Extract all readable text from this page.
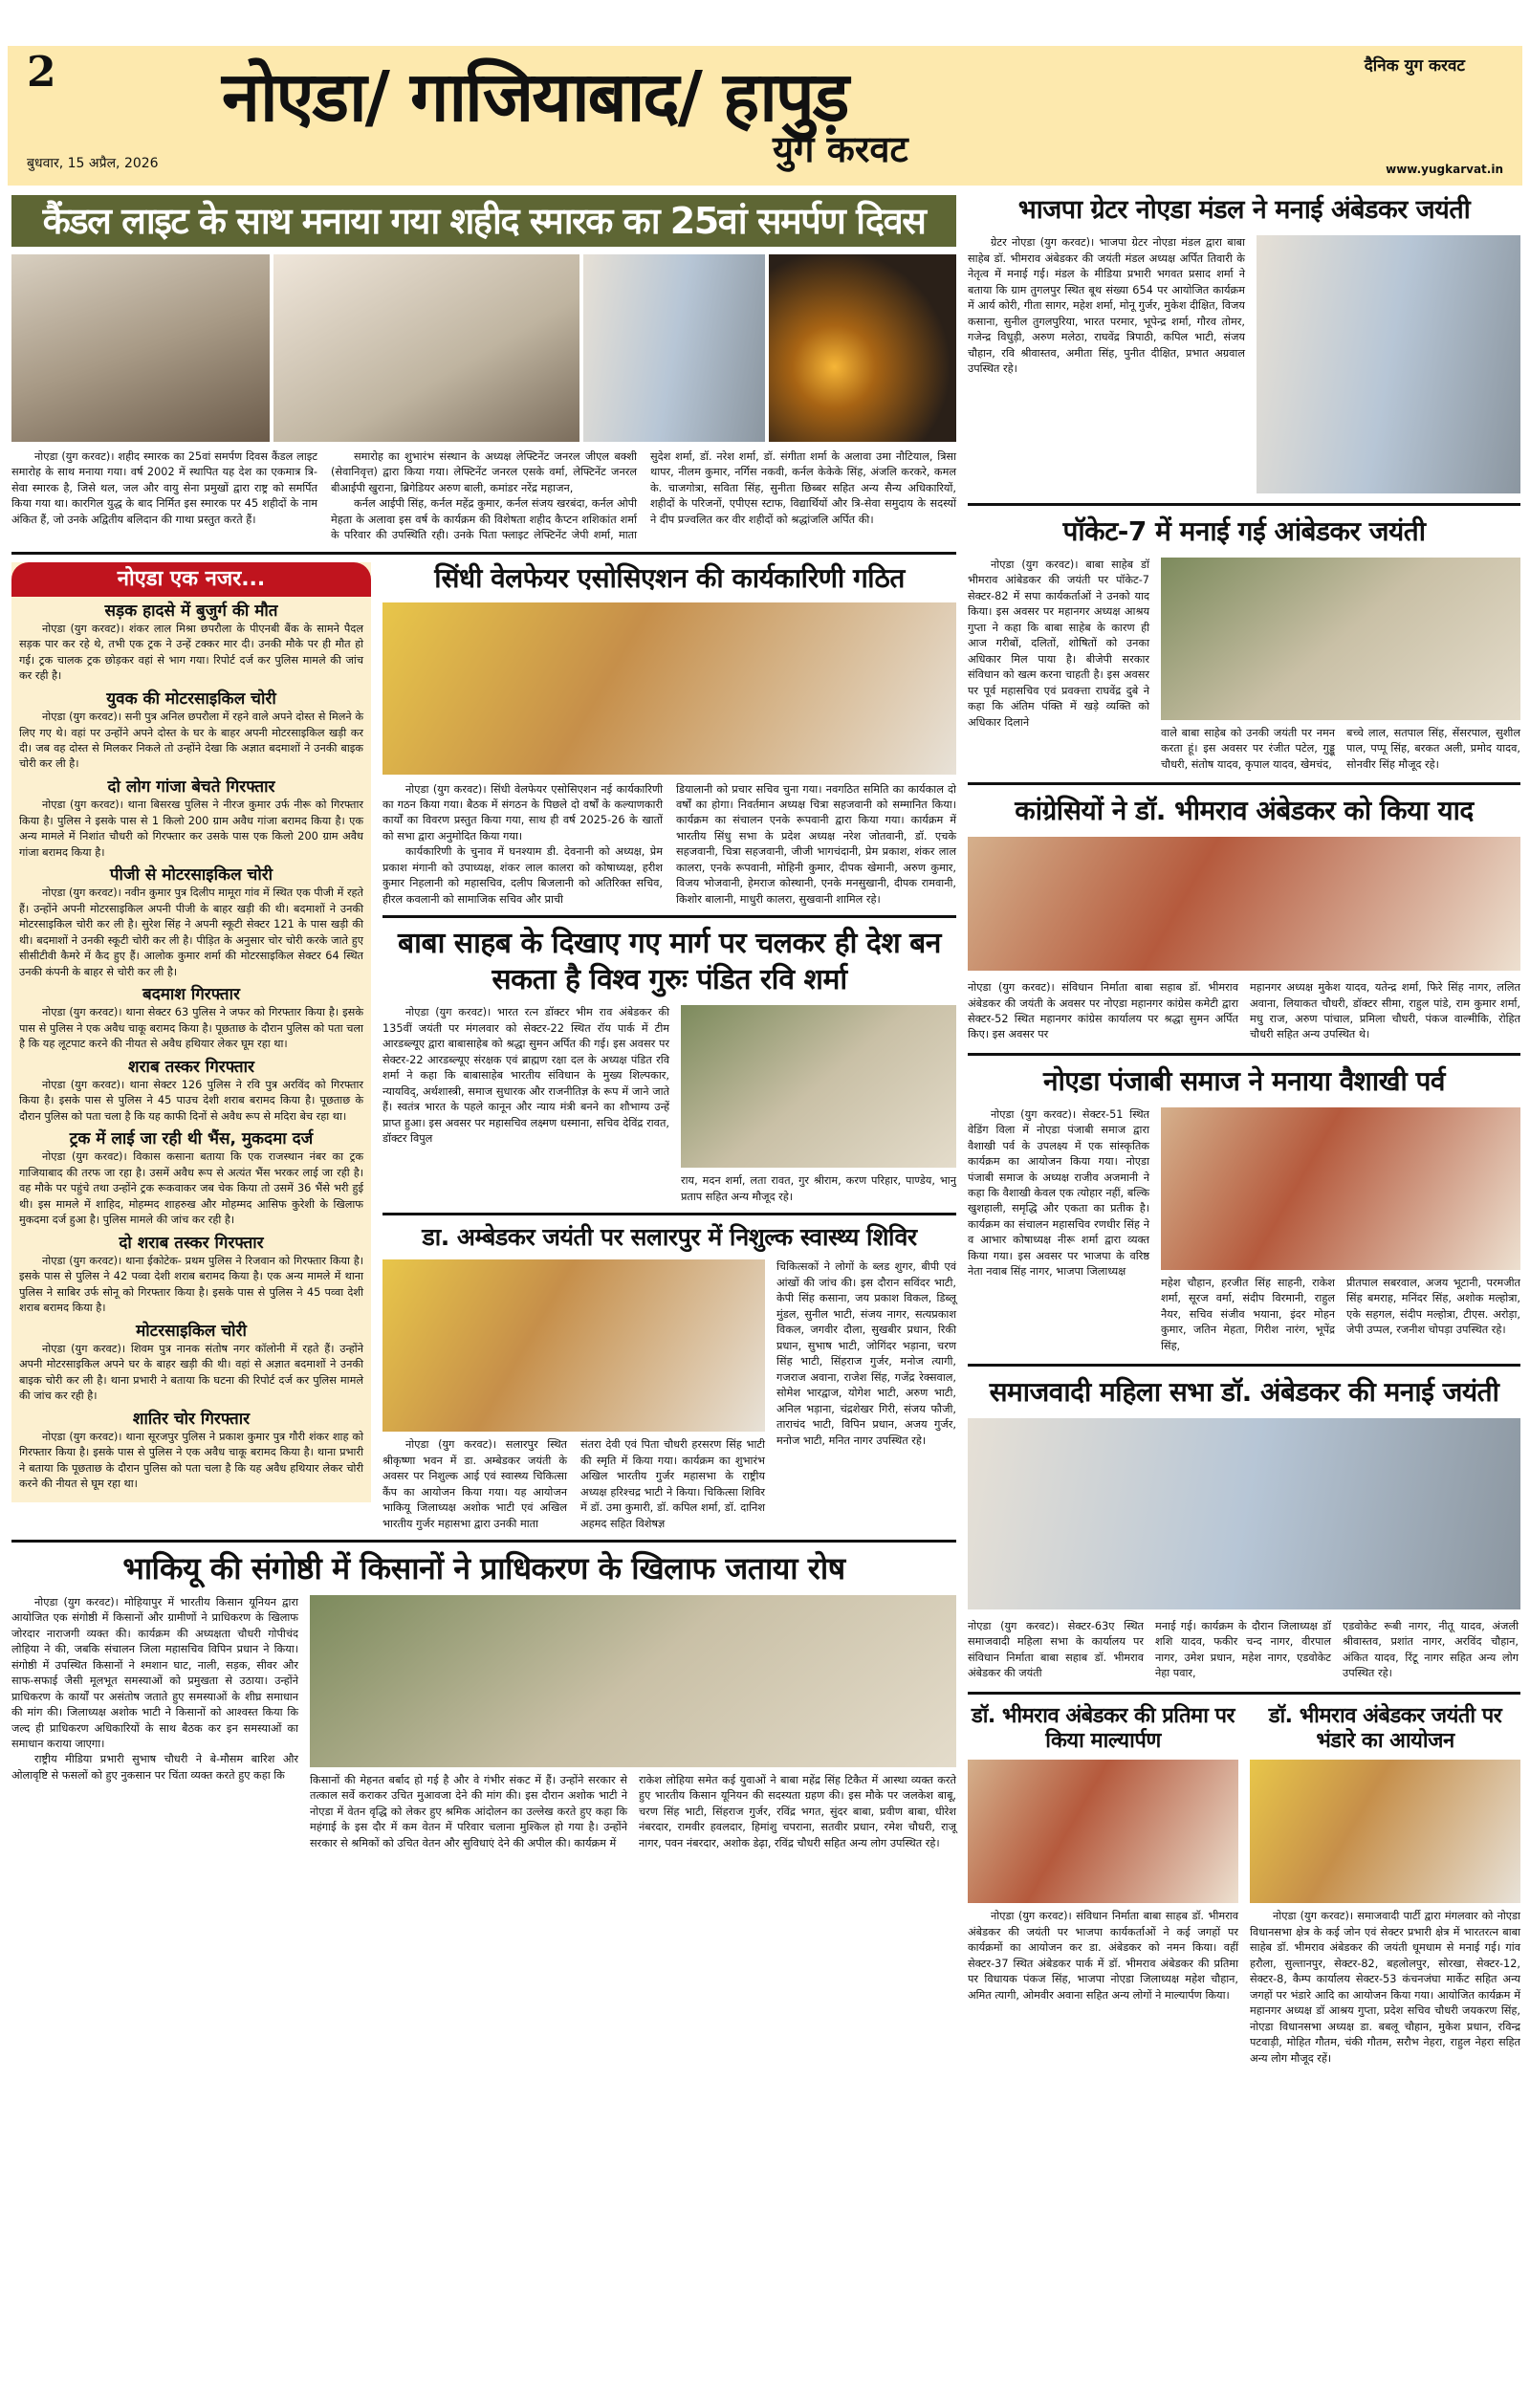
2
बुधवार, 15 अप्रैल, 2026
नोएडा/ गाजियाबाद/ हापुड़
युग करवट
दैनिक युग करवट
www.yugkarvat.in
कैंडल लाइट के साथ मनाया गया शहीद स्मारक का 25वां समर्पण दिवस

नोएडा (युग करवट)। शहीद स्मारक का 25वां समर्पण दिवस कैंडल लाइट समारोह के साथ मनाया गया। वर्ष 2002 में स्थापित यह देश का एकमात्र त्रि-सेवा स्मारक है, जिसे थल, जल और वायु सेना प्रमुखों द्वारा राष्ट्र को समर्पित किया गया था। कारगिल युद्ध के बाद निर्मित इस स्मारक पर 45 शहीदों के नाम अंकित हैं, जो उनके अद्वितीय बलिदान की गाथा प्रस्तुत करते हैं।

समारोह का शुभारंभ संस्थान के अध्यक्ष लेफ्टिनेंट जनरल जीएल बक्शी (सेवानिवृत्त) द्वारा किया गया। लेफ्टिनेंट जनरल एसके वर्मा, लेफ्टिनेंट जनरल बीआईपी खुराना, ब्रिगेडियर अरुण बाली, कमांडर नरेंद्र महाजन,

कर्नल आईपी सिंह, कर्नल महेंद्र कुमार, कर्नल संजय खरबंदा, कर्नल ओपी मेहता के अलावा इस वर्ष के कार्यक्रम की विशेषता शहीद कैप्टन शशिकांत शर्मा के परिवार की उपस्थिति रही। उनके पिता फ्लाइट लेफ्टिनेंट जेपी शर्मा, माता सुदेश शर्मा, डॉ. नरेश शर्मा, डॉ. संगीता शर्मा के अलावा उमा नौटियाल, त्रिसा थापर, नीलम कुमार, नर्गिस नकवी, कर्नल केकेके सिंह, अंजलि करकरे, कमल के. चाजगोत्रा, सविता सिंह, सुनीता छिब्बर सहित अन्य सैन्य अधिकारियों, शहीदों के परिजनों, एपीएस स्टाफ, विद्यार्थियों और त्रि-सेवा समुदाय के सदस्यों ने दीप प्रज्वलित कर वीर शहीदों को श्रद्धांजलि अर्पित की।

नोएडा एक नजर...
सड़क हादसे में बुजुर्ग की मौत
नोएडा (युग करवट)। शंकर लाल मिश्रा छपरौला के पीएनबी बैंक के सामने पैदल सड़क पार कर रहे थे, तभी एक ट्रक ने उन्हें टक्कर मार दी। उनकी मौके पर ही मौत हो गई। ट्रक चालक ट्रक छोड़कर वहां से भाग गया। रिपोर्ट दर्ज कर पुलिस मामले की जांच कर रही है।
युवक की मोटरसाइकिल चोरी
नोएडा (युग करवट)। सनी पुत्र अनिल छपरौला में रहने वाले अपने दोस्त से मिलने के लिए गए थे। वहां पर उन्होंने अपने दोस्त के घर के बाहर अपनी मोटरसाइकिल खड़ी कर दी। जब वह दोस्त से मिलकर निकले तो उन्होंने देखा कि अज्ञात बदमाशों ने उनकी बाइक चोरी कर ली है।
दो लोग गांजा बेचते गिरफ्तार
नोएडा (युग करवट)। थाना बिसरख पुलिस ने नीरज कुमार उर्फ नीरू को गिरफ्तार किया है। पुलिस ने इसके पास से 1 किलो 200 ग्राम अवैध गांजा बरामद किया है। एक अन्य मामले में निशांत चौधरी को गिरफ्तार कर उसके पास एक किलो 200 ग्राम अवैध गांजा बरामद किया है।
पीजी से मोटरसाइकिल चोरी
नोएडा (युग करवट)। नवीन कुमार पुत्र दिलीप मामूरा गांव में स्थित एक पीजी में रहते हैं। उन्होंने अपनी मोटरसाइकिल अपनी पीजी के बाहर खड़ी की थी। बदमाशों ने उनकी मोटरसाइकिल चोरी कर ली है। सुरेश सिंह ने अपनी स्कूटी सेक्टर 121 के पास खड़ी की थी। बदमाशों ने उनकी स्कूटी चोरी कर ली है। पीड़ित के अनुसार चोर चोरी करके जाते हुए सीसीटीवी कैमरे में कैद हुए हैं। आलोक कुमार शर्मा की मोटरसाइकिल सेक्टर 64 स्थित उनकी कंपनी के बाहर से चोरी कर ली है।
बदमाश गिरफ्तार
नोएडा (युग करवट)। थाना सेक्टर 63 पुलिस ने जफर को गिरफ्तार किया है। इसके पास से पुलिस ने एक अवैध चाकू बरामद किया है। पूछताछ के दौरान पुलिस को पता चला है कि यह लूटपाट करने की नीयत से अवैध हथियार लेकर घूम रहा था।
शराब तस्कर गिरफ्तार
नोएडा (युग करवट)। थाना सेक्टर 126 पुलिस ने रवि पुत्र अरविंद को गिरफ्तार किया है। इसके पास से पुलिस ने 45 पाउच देशी शराब बरामद किया है। पूछताछ के दौरान पुलिस को पता चला है कि यह काफी दिनों से अवैध रूप से मदिरा बेच रहा था।
ट्रक में लाई जा रही थी भैंस, मुकदमा दर्ज
नोएडा (युग करवट)। विकास कसाना बताया कि एक राजस्थान नंबर का ट्रक गाजियाबाद की तरफ जा रहा है। उसमें अवैध रूप से अत्यंत भैंस भरकर लाई जा रही है। वह मौके पर पहुंचे तथा उन्होंने ट्रक रूकवाकर जब चेक किया तो उसमें 36 भैंसे भरी हुई थी। इस मामले में शाहिद, मोहम्मद शाहरुख और मोहम्मद आसिफ कुरेशी के खिलाफ मुकदमा दर्ज हुआ है। पुलिस मामले की जांच कर रही है।
दो शराब तस्कर गिरफ्तार
नोएडा (युग करवट)। थाना ईकोटेक- प्रथम पुलिस ने रिजवान को गिरफ्तार किया है। इसके पास से पुलिस ने 42 पव्वा देशी शराब बरामद किया है। एक अन्य मामले में थाना पुलिस ने साबिर उर्फ सोनू को गिरफ्तार किया है। इसके पास से पुलिस ने 45 पव्वा देशी शराब बरामद किया है।
मोटरसाइकिल चोरी
नोएडा (युग करवट)। शिवम पुत्र नानक संतोष नगर कॉलोनी में रहते हैं। उन्होंने अपनी मोटरसाइकिल अपने घर के बाहर खड़ी की थी। वहां से अज्ञात बदमाशों ने उनकी बाइक चोरी कर ली है। थाना प्रभारी ने बताया कि घटना की रिपोर्ट दर्ज कर पुलिस मामले की जांच कर रही है।
शातिर चोर गिरफ्तार
नोएडा (युग करवट)। थाना सूरजपुर पुलिस ने प्रकाश कुमार पुत्र गौरी शंकर शाह को गिरफ्तार किया है। इसके पास से पुलिस ने एक अवैध चाकू बरामद किया है। थाना प्रभारी ने बताया कि पूछताछ के दौरान पुलिस को पता चला है कि यह अवैध हथियार लेकर चोरी करने की नीयत से घूम रहा था।
सिंधी वेलफेयर एसोसिएशन की कार्यकारिणी गठित

नोएडा (युग करवट)। सिंधी वेलफेयर एसोसिएशन नई कार्यकारिणी का गठन किया गया। बैठक में संगठन के पिछले दो वर्षों के कल्याणकारी कार्यों का विवरण प्रस्तुत किया गया, साथ ही वर्ष 2025-26 के खातों को सभा द्वारा अनुमोदित किया गया।

कार्यकारिणी के चुनाव में घनश्याम डी. देवनानी को अध्यक्ष, प्रेम प्रकाश मंगानी को उपाध्यक्ष, शंकर लाल कालरा को कोषाध्यक्ष, हरीश कुमार निहलानी को महासचिव, दलीप बिजलानी को अतिरिक्त सचिव, हीरल कवलानी को सामाजिक सचिव और प्राची

डियालानी को प्रचार सचिव चुना गया। नवगठित समिति का कार्यकाल दो वर्षों का होगा। निवर्तमान अध्यक्ष चित्रा सहजवानी को सम्मानित किया। कार्यक्रम का संचालन एनके रूपवानी द्वारा किया गया। कार्यक्रम में भारतीय सिंधु सभा के प्रदेश अध्यक्ष नरेश जोतवानी, डॉ. एचके सहजवानी, चित्रा सहजवानी, जीजी भागचंदानी, प्रेम प्रकाश, शंकर लाल कालरा, एनके रूपवानी, मोहिनी कुमार, दीपक खेमानी, अरुण कुमार, विजय भोजवानी, हेमराज कोस्थानी, एनके मनसुखानी, दीपक रामवानी, किशोर बालानी, माधुरी कालरा, सुखवानी शामिल रहे।

बाबा साहब के दिखाए गए मार्ग पर चलकर ही देश बन सकता है विश्व गुरुः पंडित रवि शर्मा

नोएडा (युग करवट)। भारत रत्न डॉक्टर भीम राव अंबेडकर की 135वीं जयंती पर मंगलवार को सेक्टर-22 स्थित रॉय पार्क में टीम आरडब्ल्यूए द्वारा बाबासाहेब को श्रद्धा सुमन अर्पित की गई। इस अवसर पर सेक्टर-22 आरडब्ल्यूए संरक्षक एवं ब्राह्मण रक्षा दल के अध्यक्ष पंडित रवि शर्मा ने कहा कि बाबासाहेब भारतीय संविधान के मुख्य शिल्पकार, न्यायविद्, अर्थशास्त्री, समाज सुधारक और राजनीतिज्ञ के रूप में जाने जाते हैं। स्वतंत्र भारत के पहले कानून और न्याय मंत्री बनने का शौभाग्य उन्हें प्राप्त हुआ। इस अवसर पर महासचिव लक्ष्मण धस्माना, सचिव देविंद्र रावत, डॉक्टर विपुल

राय, मदन शर्मा, लता रावत, गुर श्रीराम, करण परिहार, पाण्डेय, भानु प्रताप सहित अन्य मौजूद रहे।
डा. अम्बेडकर जयंती पर सलारपुर में निशुल्क स्वास्थ्य शिविर

नोएडा (युग करवट)। सलारपुर स्थित श्रीकृष्णा भवन में डा. अम्बेडकर जयंती के अवसर पर निशुल्क आई एवं स्वास्थ्य चिकित्सा कैंप का आयोजन किया गया। यह आयोजन भाकियू जिलाध्यक्ष अशोक भाटी एवं अखिल भारतीय गुर्जर महासभा द्वारा उनकी माता

संतरा देवी एवं पिता चौधरी हरसरण सिंह भाटी की स्मृति में किया गया। कार्यक्रम का शुभारंभ अखिल भारतीय गुर्जर महासभा के राष्ट्रीय अध्यक्ष हरिश्चद्र भाटी ने किया। चिकित्सा शिविर में डॉ. उमा कुमारी, डॉ. कपिल शर्मा, डॉ. दानिश अहमद सहित विशेषज्ञ

चिकित्सकों ने लोगों के ब्लड शुगर, बीपी एवं आंखों की जांच की। इस दौरान सविंदर भाटी, केपी सिंह कसाना, जय प्रकाश विकल, डिब्लू मुंडल, सुनील भाटी, संजय नागर, सत्यप्रकाश विकल, जगवीर दौला, सुखबीर प्रधान, रिकी प्रधान, सुभाष भाटी, जोगिंदर भड़ाना, चरण सिंह भाटी, सिंहराज गुर्जर, मनोज त्यागी, गजराज अवाना, राजेश सिंह, गजेंद्र रेक्सवाल, सोमेश भारद्वाज, योगेश भाटी, अरुण भाटी, अनिल भड़ाना, चंद्रशेखर गिरी, संजय फौजी, ताराचंद भाटी, विपिन प्रधान, अजय गुर्जर, मनोज भाटी, मनित नागर उपस्थित रहे।
भाकियू की संगोष्ठी में किसानों ने प्राधिकरण के खिलाफ जताया रोष

नोएडा (युग करवट)। मोहियापुर में भारतीय किसान यूनियन द्वारा आयोजित एक संगोष्ठी में किसानों और ग्रामीणों ने प्राधिकरण के खिलाफ जोरदार नाराजगी व्यक्त की। कार्यक्रम की अध्यक्षता चौधरी गोपीचंद लोहिया ने की, जबकि संचालन जिला महासचिव विपिन प्रधान ने किया। संगोष्ठी में उपस्थित किसानों ने श्मशान घाट, नाली, सड़क, सीवर और साफ-सफाई जैसी मूलभूत समस्याओं को प्रमुखता से उठाया। उन्होंने प्राधिकरण के कार्यों पर असंतोष जताते हुए समस्याओं के शीघ्र समाधान की मांग की। जिलाध्यक्ष अशोक भाटी ने किसानों को आश्वस्त किया कि जल्द ही प्राधिकरण अधिकारियों के साथ बैठक कर इन समस्याओं का समाधान कराया जाएगा।

राष्ट्रीय मीडिया प्रभारी सुभाष चौधरी ने बे-मौसम बारिश और ओलावृष्टि से फसलों को हुए नुकसान पर चिंता व्यक्त करते हुए कहा कि	किसानों की मेहनत बर्बाद हो गई है और वे गंभीर संकट में हैं। उन्होंने सरकार से तत्काल सर्वे कराकर उचित मुआवजा देने की मांग की। इस दौरान अशोक भाटी ने नोएडा में वेतन वृद्धि को लेकर हुए श्रमिक आंदोलन का उल्लेख करते हुए कहा कि महंगाई के इस दौर में कम वेतन में परिवार चलाना मुश्किल हो गया है। उन्होंने सरकार से श्रमिकों को उचित वेतन और सुविधाएं देने की अपील की। कार्यक्रम में
राकेश लोहिया समेत कई युवाओं ने बाबा महेंद्र सिंह टिकैत में आस्था व्यक्त करते हुए भारतीय किसान यूनियन की सदस्यता ग्रहण की। इस मौके पर जलकेश बाबू, चरण सिंह भाटी, सिंहराज गुर्जर, रविंद्र भगत, सुंदर बाबा, प्रवीण बाबा, धीरेश नंबरदार, रामवीर हवलदार, हिमांशु चपराना, सतवीर प्रधान, रमेश चौधरी, राजू नागर, पवन नंबरदार, अशोक डेढ़ा, रविंद्र चौधरी सहित अन्य लोग उपस्थित रहे।
भाजपा ग्रेटर नोएडा मंडल ने मनाई अंबेडकर जयंती

ग्रेटर नोएडा (युग करवट)। भाजपा ग्रेटर नोएडा मंडल द्वारा बाबा साहेब डॉ. भीमराव अंबेडकर की जयंती मंडल अध्यक्ष अर्पित तिवारी के नेतृत्व में मनाई गई। मंडल के मीडिया प्रभारी भगवत प्रसाद शर्मा ने बताया कि ग्राम तुगलपुर स्थित बूथ संख्या 654 पर आयोजित कार्यक्रम में आर्य कोरी, गीता सागर, महेश शर्मा, मोनू गुर्जर, मुकेश दीक्षित, विजय कसाना, सुनील तुगलपुरिया, भारत परमार, भूपेन्द्र शर्मा, गौरव तोमर, गजेन्द्र विधुड़ी, अरुण मलेठा, राघवेंद्र त्रिपाठी, कपिल भाटी, संजय चौहान, रवि श्रीवास्तव, अमीता सिंह, पुनीत दीक्षित, प्रभात अग्रवाल उपस्थित रहे।

पॉकेट-7 में मनाई गई आंबेडकर जयंती

नोएडा (युग करवट)। बाबा साहेब डॉ भीमराव आंबेडकर की जयंती पर पॉकेट-7 सेक्टर-82 में सपा कार्यकर्ताओं ने उनको याद किया। इस अवसर पर महानगर अध्यक्ष आश्रय गुप्ता ने कहा कि बाबा साहेब के कारण ही आज गरीबों, दलितों, शोषितों को उनका अधिकार मिल पाया है। बीजेपी सरकार संविधान को खत्म करना चाहती है। इस अवसर पर पूर्व महासचिव एवं प्रवक्त्ता राघवेंद्र दुबे ने कहा कि अंतिम पंक्ति में खड़े व्यक्ति को अधिकार दिलाने

वाले बाबा साहेब को उनकी जयंती पर नमन करता हूं। इस अवसर पर रंजीत पटेल, गुड्डू चौधरी, संतोष यादव, कृपाल यादव, खेमचंद,
बच्चे लाल, सतपाल सिंह, सेंसरपाल, सुशील पाल, पप्पू सिंह, बरकत अली, प्रमोद यादव, सोनवीर सिंह मौजूद रहे।
कांग्रेसियों ने डॉ. भीमराव अंबेडकर को किया याद
नोएडा (युग करवट)। संविधान निर्माता बाबा सहाब डॉ. भीमराव अंबेडकर की जयंती के अवसर पर नोएडा महानगर कांग्रेस कमेटी द्वारा सेक्टर-52 स्थित महानगर कांग्रेस कार्यालय पर श्रद्धा सुमन अर्पित किए। इस अवसर पर
महानगर अध्यक्ष मुकेश यादव, यतेन्द्र शर्मा, फिरे सिंह नागर, ललित अवाना, लियाकत चौधरी, डॉक्टर सीमा, राहुल पांडे, राम कुमार शर्मा, मधु राज, अरुण पांचाल, प्रमिला चौधरी, पंकज वाल्मीकि, रोहित चौधरी सहित अन्य उपस्थित थे।
नोएडा पंजाबी समाज ने मनाया वैशाखी पर्व

नोएडा (युग करवट)। सेक्टर-51 स्थित वेडिंग विला में नोएडा पंजाबी समाज द्वारा वैशाखी पर्व के उपलक्ष्य में एक सांस्कृतिक कार्यक्रम का आयोजन किया गया। नोएडा पंजाबी समाज के अध्यक्ष राजीव अजमानी ने कहा कि वैशाखी केवल एक त्योहार नहीं, बल्कि खुशहाली, समृद्धि और एकता का प्रतीक है। कार्यक्रम का संचालन महासचिव रणधीर सिंह ने व आभार कोषाध्यक्ष नीरू शर्मा द्वारा व्यक्त किया गया। इस अवसर पर भाजपा के वरिष्ठ नेता नवाब सिंह नागर, भाजपा जिलाध्यक्ष

महेश चौहान, हरजीत सिंह साहनी, राकेश शर्मा, सूरज वर्मा, संदीप विरमानी, राहुल नैयर, सचिव संजीव भयाना, इंदर मोहन कुमार, जतिन मेहता, गिरीश नारंग, भूपेंद्र सिंह,
प्रीतपाल सबरवाल, अजय भूटानी, परमजीत सिंह बमराह, मनिंदर सिंह, अशोक मल्होत्रा, एके सहगल, संदीप मल्होत्रा, टीएस. अरोड़ा, जेपी उप्पल, रजनीश चोपड़ा उपस्थित रहे।
समाजवादी महिला सभा डॉ. अंबेडकर की मनाई जयंती
नोएडा (युग करवट)। सेक्टर-63ए स्थित समाजवादी महिला सभा के कार्यालय पर संविधान निर्माता बाबा सहाब डॉ. भीमराव अंबेडकर की जयंती
मनाई गई। कार्यक्रम के दौरान जिलाध्यक्ष डॉ शशि यादव, फकीर चन्द नागर, वीरपाल नागर, उमेश प्रधान, महेश नागर, एडवोकेट नेहा पवार,
एडवोकेट रूबी नागर, नीतू यादव, अंजली श्रीवास्तव, प्रशांत नागर, अरविंद चौहान, अंकित यादव, रिंटू नागर सहित अन्य लोग उपस्थित रहे।
डॉ. भीमराव अंबेडकर की प्रतिमा पर किया माल्यार्पण

नोएडा (युग करवट)। संविधान निर्माता बाबा साहब डॉ. भीमराव अंबेडकर की जयंती पर भाजपा कार्यकर्ताओं ने कई जगहों पर कार्यक्रमों का आयोजन कर डा. अंबेडकर को नमन किया। वहीं सेक्टर-37 स्थित अंबेडकर पार्क में डॉ. भीमराव अंबेडकर की प्रतिमा पर विधायक पंकज सिंह, भाजपा नोएडा जिलाध्यक्ष महेश चौहान, अमित त्यागी, ओमवीर अवाना सहित अन्य लोगों ने माल्यार्पण किया।

डॉ. भीमराव अंबेडकर जयंती पर भंडारे का आयोजन

नोएडा (युग करवट)। समाजवादी पार्टी द्वारा मंगलवार को नोएडा विधानसभा क्षेत्र के कई जोन एवं सेक्टर प्रभारी क्षेत्र में भारतरत्न बाबा साहेब डॉ. भीमराव अंबेडकर की जयंती धूमधाम से मनाई गई। गांव हरौला, सुल्तानपुर, सेक्टर-82, बहलोलपुर, सोरखा, सेक्टर-12, सेक्टर-8, कैम्प कार्यालय सेक्टर-53 कंचनजंघा मार्केट सहित अन्य जगहों पर भंडारे आदि का आयोजन किया गया। आयोजित कार्यक्रम में महानगर अध्यक्ष डॉ आश्रय गुप्ता, प्रदेश सचिव चौधरी जयकरण सिंह, नोएडा विधानसभा अध्यक्ष डा. बबलू चौहान, मुकेश प्रधान, रविन्द्र पटवाड़ी, मोहित गौतम, चंकी गौतम, सरौभ नेहरा, राहुल नेहरा सहित अन्य लोग मौजूद रहें।
